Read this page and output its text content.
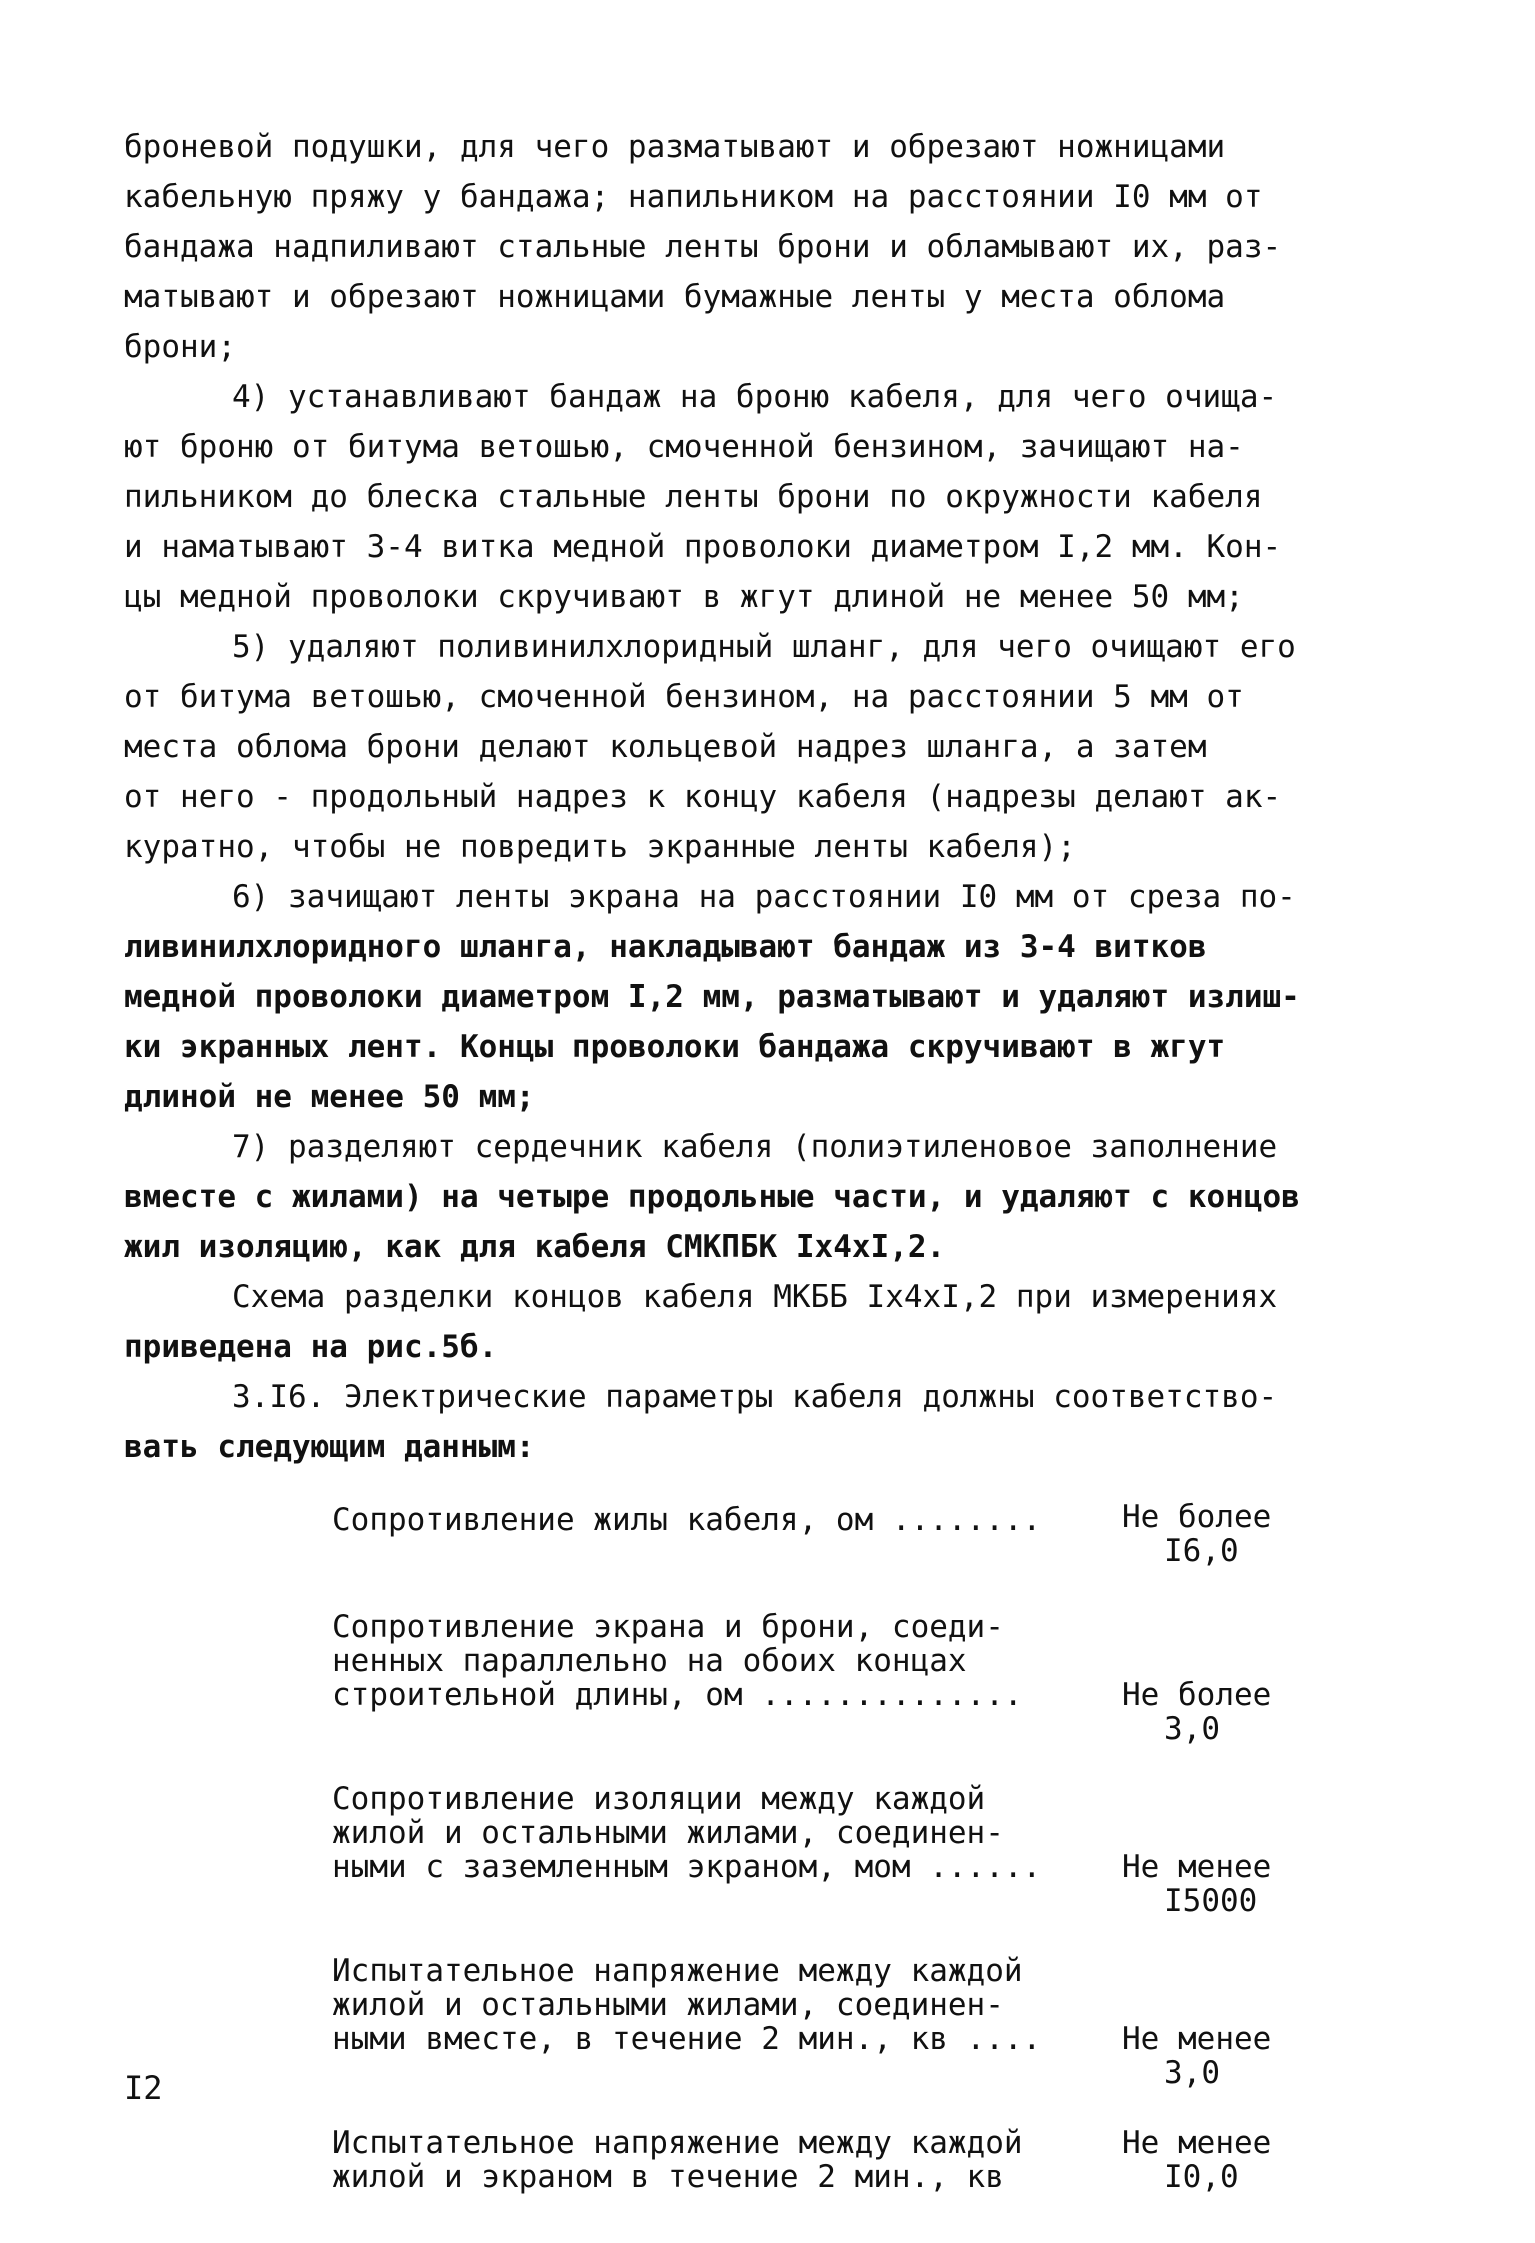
броневой подушки, для чего разматывают и обрезают ножницами
кабельную пряжу у бандажа; напильником на расстоянии I0 мм от
бандажа надпиливают стальные ленты брони и обламывают их, раз-
матывают и обрезают ножницами бумажные ленты у места облома
брони;
4) устанавливают бандаж на броню кабеля, для чего очища-
ют броню от битума ветошью, смоченной бензином, зачищают на-
пильником до блеска стальные ленты брони по окружности кабеля
и наматывают 3-4 витка медной проволоки диаметром I,2 мм. Кон-
цы медной проволоки скручивают в жгут длиной не менее 50 мм;
5) удаляют поливинилхлоридный шланг, для чего очищают его
от битума ветошью, смоченной бензином, на расстоянии 5 мм от
места облома брони делают кольцевой надрез шланга, а затем
от него - продольный надрез к концу кабеля (надрезы делают ак-
куратно, чтобы не повредить экранные ленты кабеля);
6) зачищают ленты экрана на расстоянии I0 мм от среза по-
ливинилхлоридного шланга, накладывают бандаж из 3-4 витков
медной проволоки диаметром I,2 мм, разматывают и удаляют излиш-
ки экранных лент. Концы проволоки бандажа скручивают в жгут
длиной не менее 50 мм;
7) разделяют сердечник кабеля (полиэтиленовое заполнение
вместе с жилами) на четыре продольные части, и удаляют с концов
жил изоляцию, как для кабеля СМКПБК Iх4хI,2.
Схема разделки концов кабеля МКББ Iх4хI,2 при измерениях
приведена на рис.5б.
3.I6. Электрические параметры кабеля должны соответство-
вать следующим данным:
Сопротивление жилы кабеля, ом ........	Не более
I6,0
Сопротивление экрана и брони, соеди-
ненных параллельно на обоих концах
строительной длины, ом ..............	Не более
3,0
Сопротивление изоляции между каждой
жилой и остальными жилами, соединен-
ными с заземленным экраном, мом ......	Не менее
I5000
Испытательное напряжение между каждой
жилой и остальными жилами, соединен-
ными вместе, в течение 2 мин., кв ....	Не менее
3,0
Испытательное напряжение между каждой
жилой и экраном в течение 2 мин., кв
Не менее
I0,0
I2
